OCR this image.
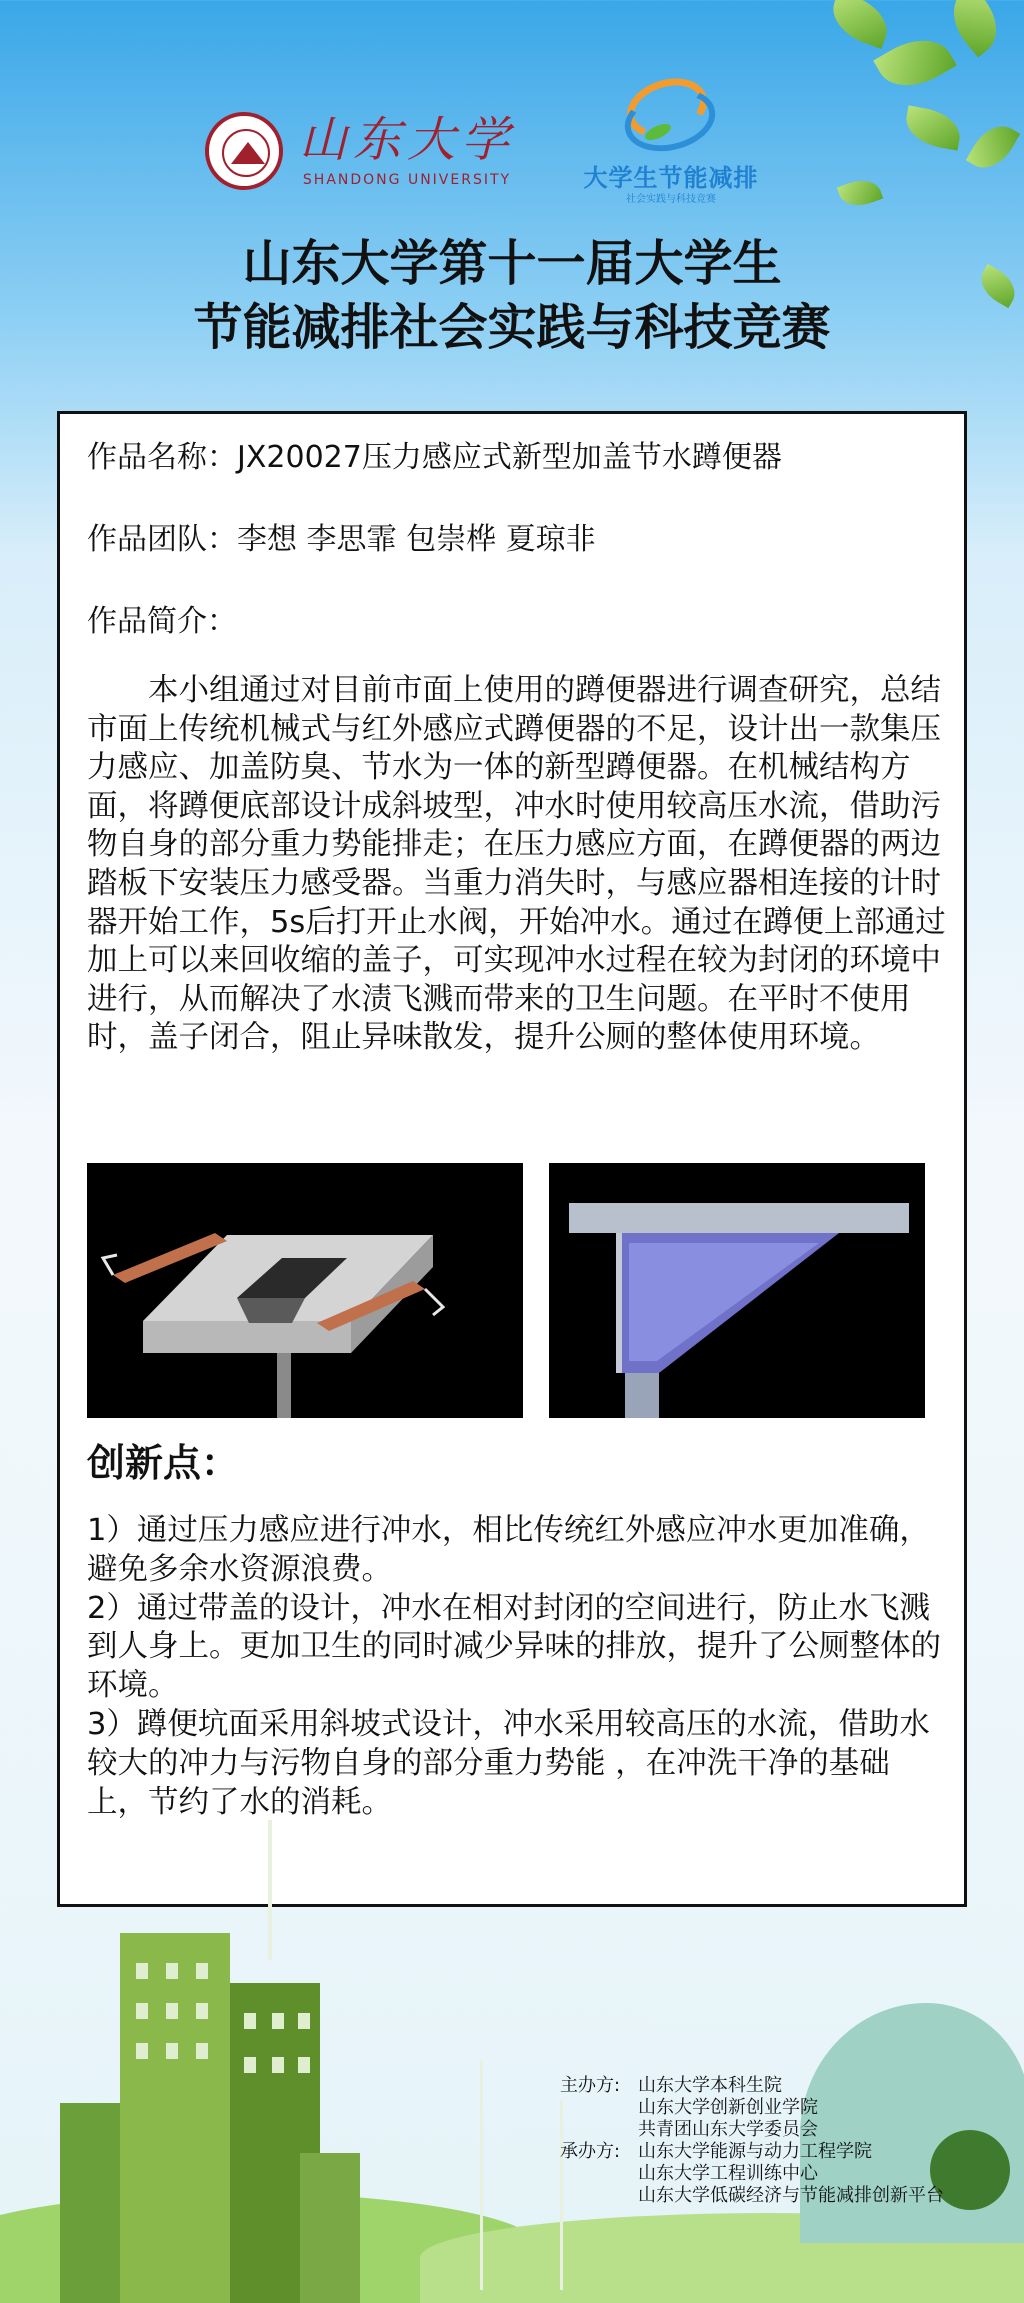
山东大学
SHANDONG UNIVERSITY	大学生节能减排
社会实践与科技竞赛
山东大学第十一届大学生
节能减排社会实践与科技竞赛
作品名称：JX20027压力感应式新型加盖节水蹲便器
作品团队：李想 李思霏 包崇桦 夏琼非
作品简介：
本小组通过对目前市面上使用的蹲便器进行调查研究，总结市面上传统机械式与红外感应式蹲便器的不足，设计出一款集压力感应、加盖防臭、节水为一体的新型蹲便器。在机械结构方面，将蹲便底部设计成斜坡型，冲水时使用较高压水流，借助污物自身的部分重力势能排走；在压力感应方面，在蹲便器的两边踏板下安装压力感受器。当重力消失时，与感应器相连接的计时器开始工作，5s后打开止水阀，开始冲水。通过在蹲便上部通过加上可以来回收缩的盖子，可实现冲水过程在较为封闭的环境中进行，从而解决了水渍飞溅而带来的卫生问题。在平时不使用时，盖子闭合，阻止异味散发，提升公厕的整体使用环境。
创新点：

1）通过压力感应进行冲水，相比传统红外感应冲水更加准确，避免多余水资源浪费。

2）通过带盖的设计，冲水在相对封闭的空间进行，防止水飞溅到人身上。更加卫生的同时减少异味的排放，提升了公厕整体的环境。

3）蹲便坑面采用斜坡式设计，冲水采用较高压的水流，借助水较大的冲力与污物自身的部分重力势能 ，在冲洗干净的基础上，节约了水的消耗。

主办方: 山东大学本科生院
山东大学创新创业学院
共青团山东大学委员会
承办方: 山东大学能源与动力工程学院
山东大学工程训练中心
山东大学低碳经济与节能减排创新平台
